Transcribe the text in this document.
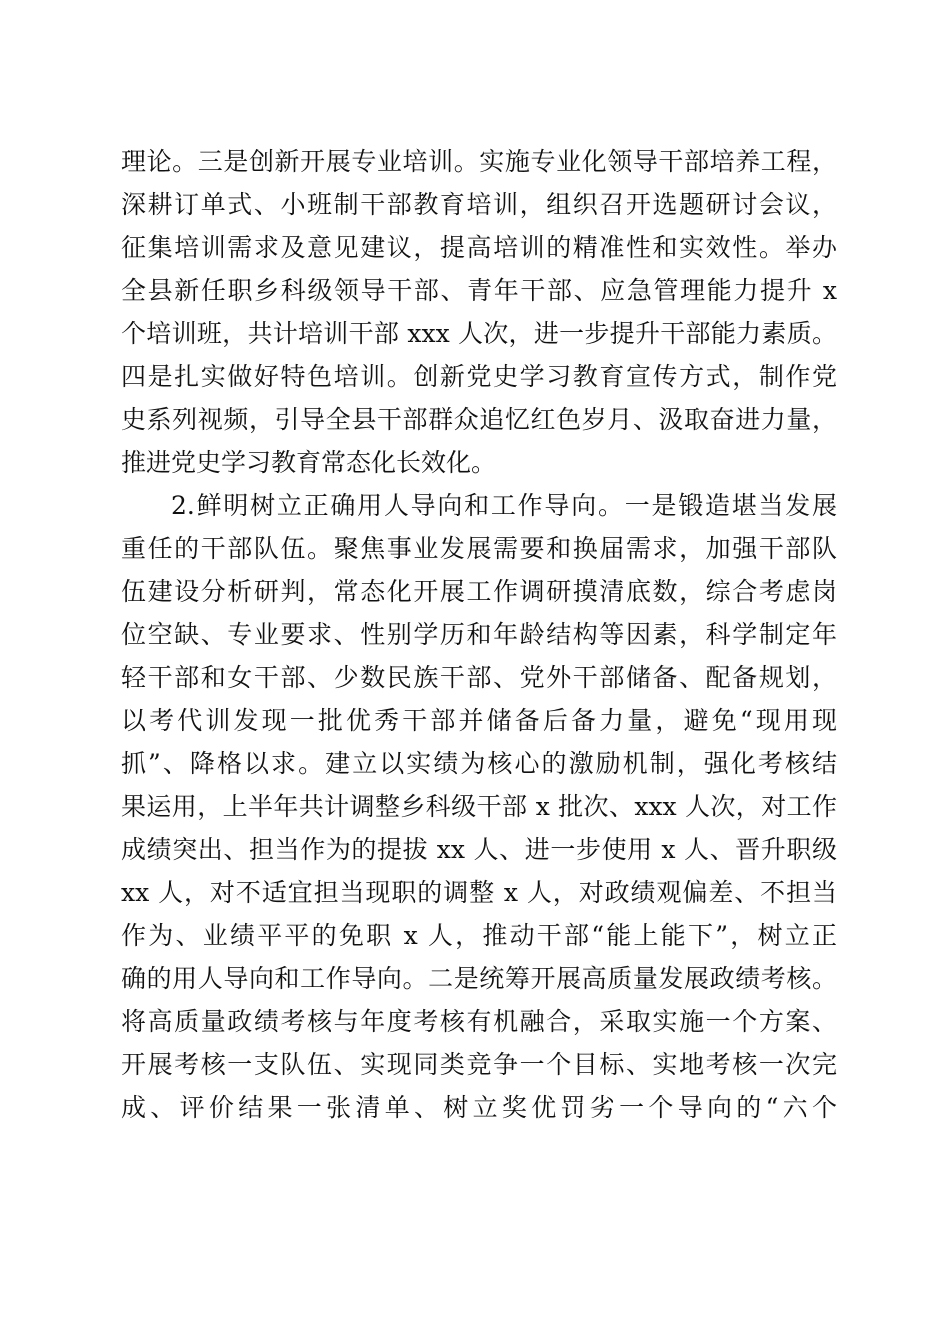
理论。三是创新开展专业培训。实施专业化领导干部培养工程，
深耕订单式、小班制干部教育培训，组织召开选题研讨会议，
征集培训需求及意见建议，提高培训的精准性和实效性。举办
全县新任职乡科级领导干部、青年干部、应急管理能力提升 x
个培训班，共计培训干部 xxx 人次，进一步提升干部能力素质。
四是扎实做好特色培训。创新党史学习教育宣传方式，制作党
史系列视频，引导全县干部群众追忆红色岁月、汲取奋进力量，
推进党史学习教育常态化长效化。
2.鲜明树立正确用人导向和工作导向。一是锻造堪当发展
重任的干部队伍。聚焦事业发展需要和换届需求，加强干部队
伍建设分析研判，常态化开展工作调研摸清底数，综合考虑岗
位空缺、专业要求、性别学历和年龄结构等因素，科学制定年
轻干部和女干部、少数民族干部、党外干部储备、配备规划，
以考代训发现一批优秀干部并储备后备力量，避免“现用现
抓”、降格以求。建立以实绩为核心的激励机制，强化考核结
果运用，上半年共计调整乡科级干部 x 批次、xxx 人次，对工作
成绩突出、担当作为的提拔 xx 人、进一步使用 x 人、晋升职级
xx 人，对不适宜担当现职的调整 x 人，对政绩观偏差、不担当
作为、业绩平平的免职 x 人，推动干部“能上能下”，树立正
确的用人导向和工作导向。二是统筹开展高质量发展政绩考核。
将高质量政绩考核与年度考核有机融合，采取实施一个方案、
开展考核一支队伍、实现同类竞争一个目标、实地考核一次完
成、评价结果一张清单、树立奖优罚劣一个导向的“六个
